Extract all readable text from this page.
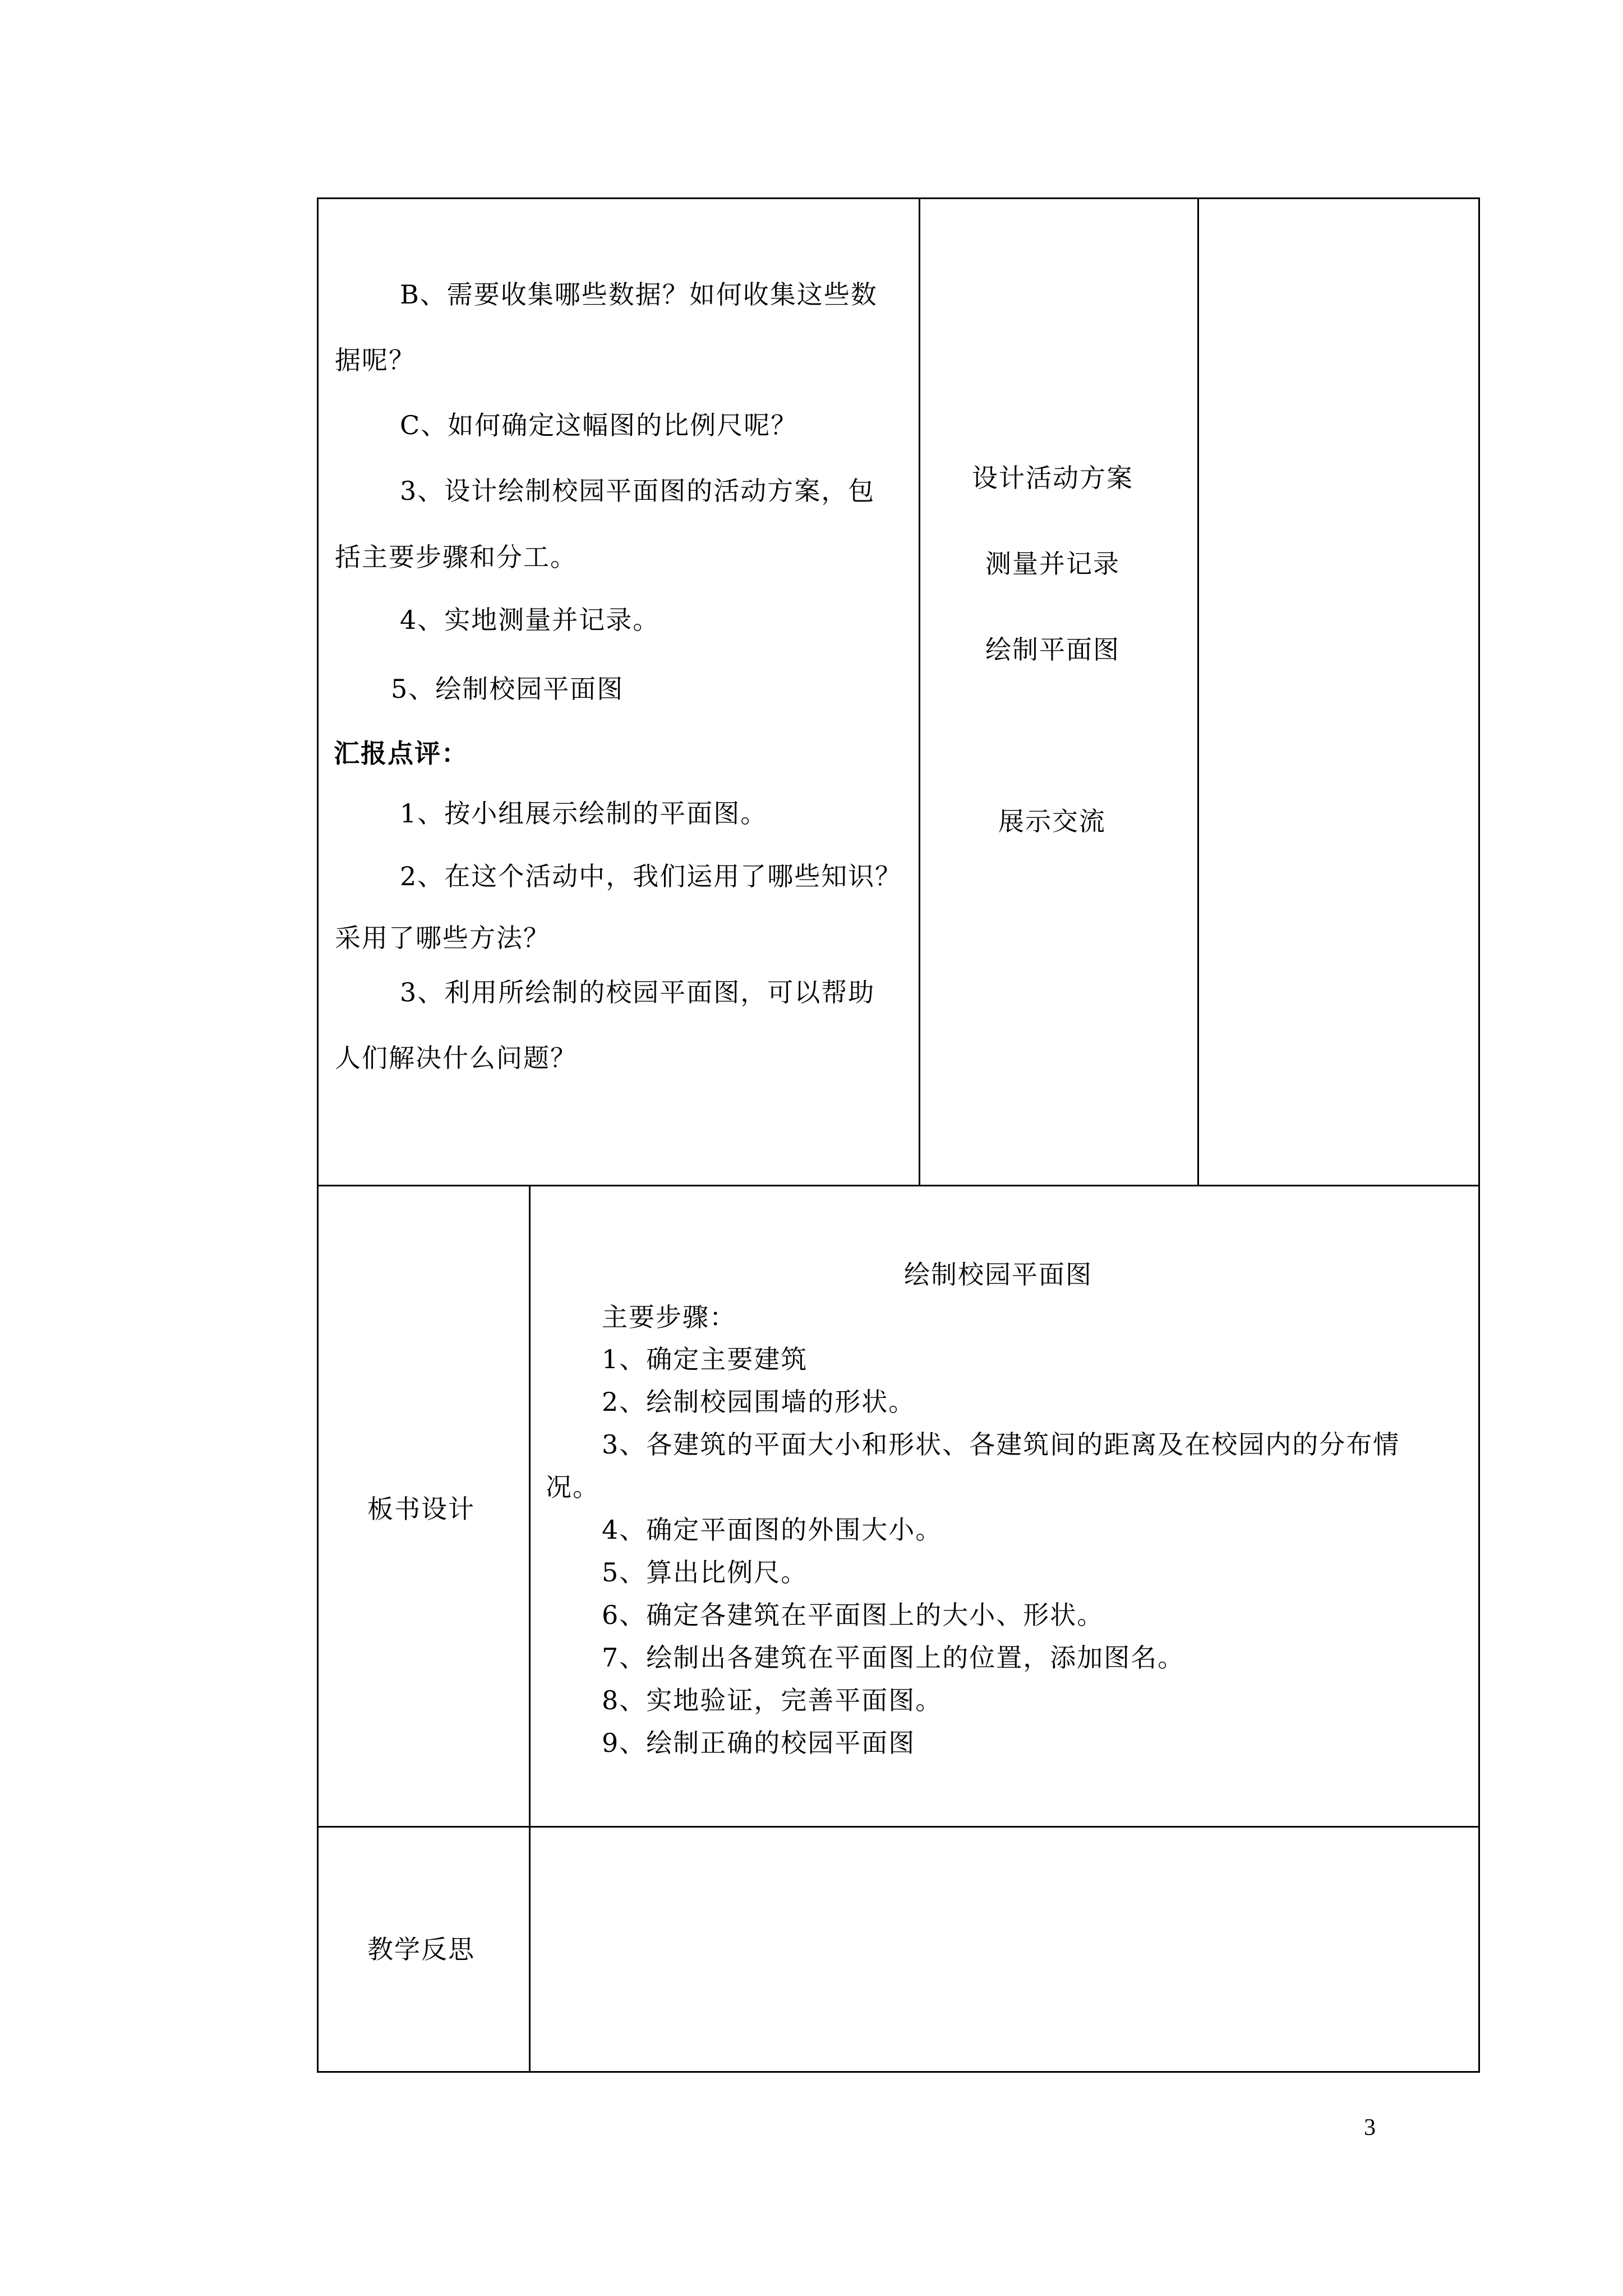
B、需要收集哪些数据？如何收集这些数
据呢？
C、如何确定这幅图的比例尺呢？
3、设计绘制校园平面图的活动方案，包
括主要步骤和分工。
4、实地测量并记录。
5、绘制校园平面图
汇报点评：
1、按小组展示绘制的平面图。
2、在这个活动中，我们运用了哪些知识？
采用了哪些方法？
3、利用所绘制的校园平面图，可以帮助
人们解决什么问题？
设计活动方案
测量并记录
绘制平面图
展示交流
板书设计
绘制校园平面图
主要步骤：
1、确定主要建筑
2、绘制校园围墙的形状。
3、各建筑的平面大小和形状、各建筑间的距离及在校园内的分布情
况。
4、确定平面图的外围大小。
5、算出比例尺。
6、确定各建筑在平面图上的大小、形状。
7、绘制出各建筑在平面图上的位置，添加图名。
8、实地验证，完善平面图。
9、绘制正确的校园平面图
教学反思
3
